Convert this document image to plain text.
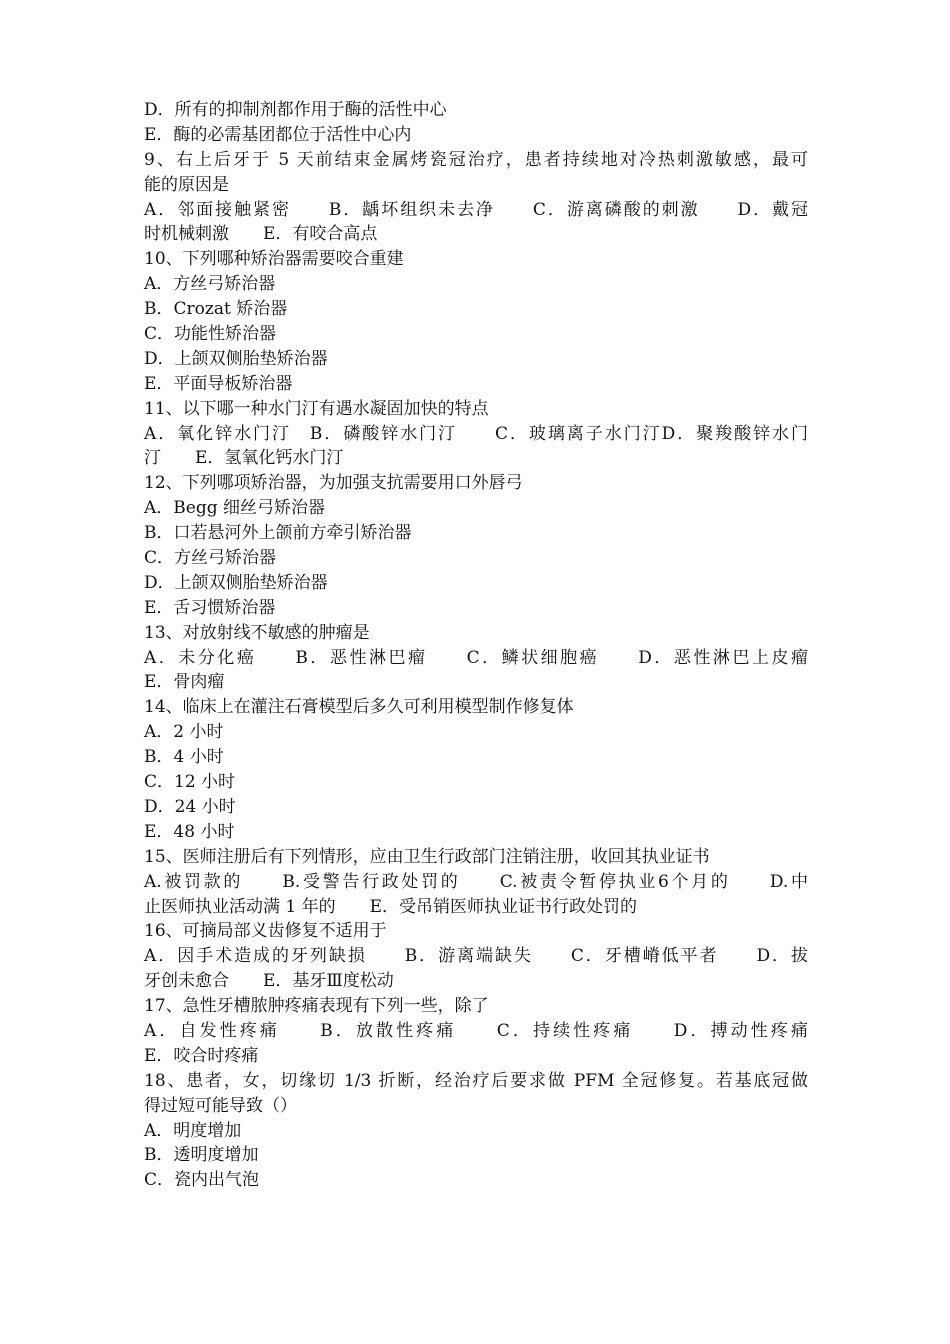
D．所有的抑制剂都作用于酶的活性中心
E．酶的必需基团都位于活性中心内
9、右上后牙于 5 天前结束金属烤瓷冠治疗，患者持续地对冷热刺激敏感，最可
能的原因是
A．邻面接触紧密　　B．龋坏组织未去净　　C．游离磷酸的刺激　　D．戴冠
时机械刺激　　E．有咬合高点
10、下列哪种矫治器需要咬合重建
A．方丝弓矫治器
B．Crozat 矫治器
C．功能性矫治器
D．上颌双侧胎垫矫治器
E．平面导板矫治器
11、以下哪一种水门汀有遇水凝固加快的特点
A．氧化锌水门汀　B．磷酸锌水门汀　　C．玻璃离子水门汀D．聚羧酸锌水门
汀　　E．氢氧化钙水门汀
12、下列哪项矫治器，为加强支抗需要用口外唇弓
A．Begg 细丝弓矫治器
B．口若悬河外上颌前方牵引矫治器
C．方丝弓矫治器
D．上颌双侧胎垫矫治器
E．舌习惯矫治器
13、对放射线不敏感的肿瘤是
A．未分化癌　　B．恶性淋巴瘤　　C．鳞状细胞癌　　D．恶性淋巴上皮瘤
E．骨肉瘤
14、临床上在灌注石膏模型后多久可利用模型制作修复体
A．2 小时
B．4 小时
C．12 小时
D．24 小时
E．48 小时
15、医师注册后有下列情形，应由卫生行政部门注销注册，收回其执业证书
A.被罚款的　　B.受警告行政处罚的　　C.被责令暂停执业6个月的　　D.中
止医师执业活动满 1 年的　　E．受吊销医师执业证书行政处罚的
16、可摘局部义齿修复不适用于
A．因手术造成的牙列缺损　　B．游离端缺失　　C．牙槽嵴低平者　　D．拔
牙创未愈合　　E．基牙Ⅲ度松动
17、急性牙槽脓肿疼痛表现有下列一些，除了
A．自发性疼痛　　B．放散性疼痛　　C．持续性疼痛　　D．搏动性疼痛
E．咬合时疼痛
18、患者，女，切缘切 1/3 折断，经治疗后要求做 PFM 全冠修复。若基底冠做
得过短可能导致（）
A．明度增加
B．透明度增加
C．瓷内出气泡
